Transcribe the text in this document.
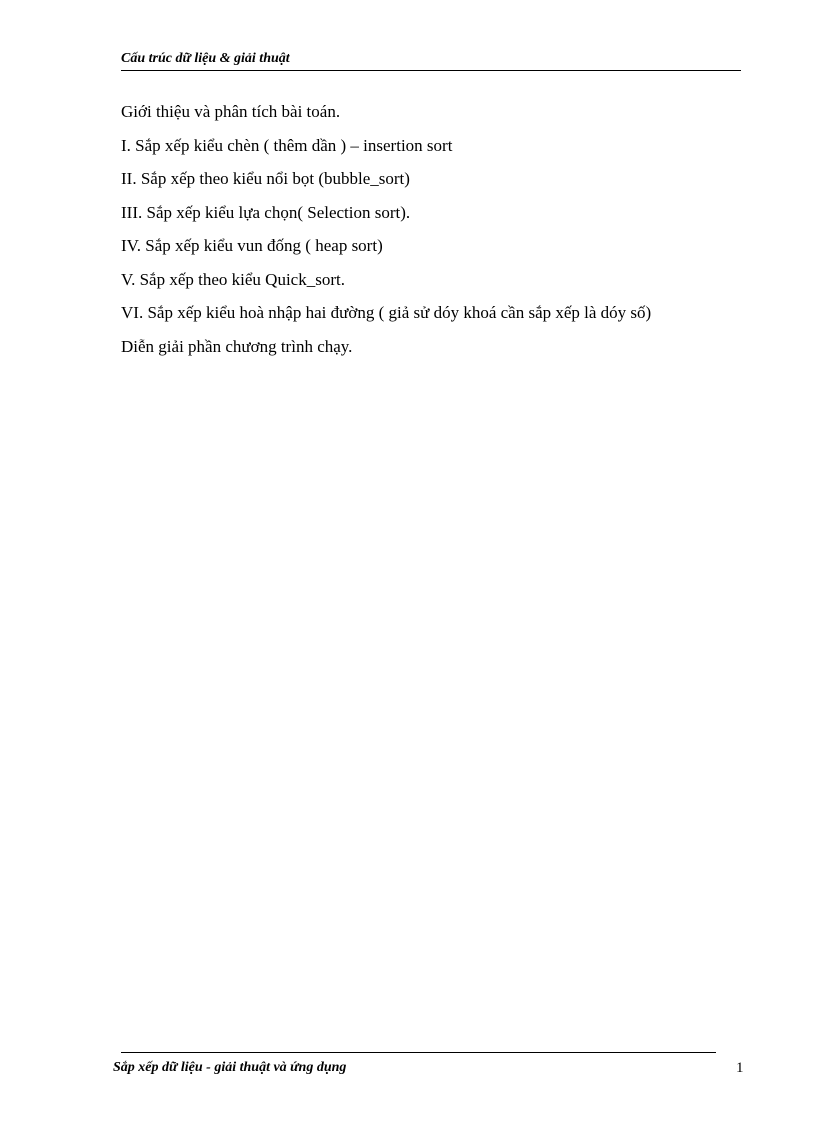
Cấu trúc dữ liệu & giải thuật
Giới thiệu và phân tích bài toán.
I. Sắp xếp kiểu chèn ( thêm dần ) – insertion sort
II. Sắp xếp theo kiểu nổi bọt (bubble_sort)
III. Sắp xếp kiểu lựa chọn( Selection sort).
IV. Sắp xếp kiểu vun đống ( heap sort)
V. Sắp xếp theo kiểu Quick_sort.
VI. Sắp xếp kiểu hoà nhập hai đường ( giả sử dóy khoá cần sắp xếp là dóy số)
Diễn giải phần chương trình chạy.
Sắp xếp dữ liệu - giải thuật và ứng dụng	1
